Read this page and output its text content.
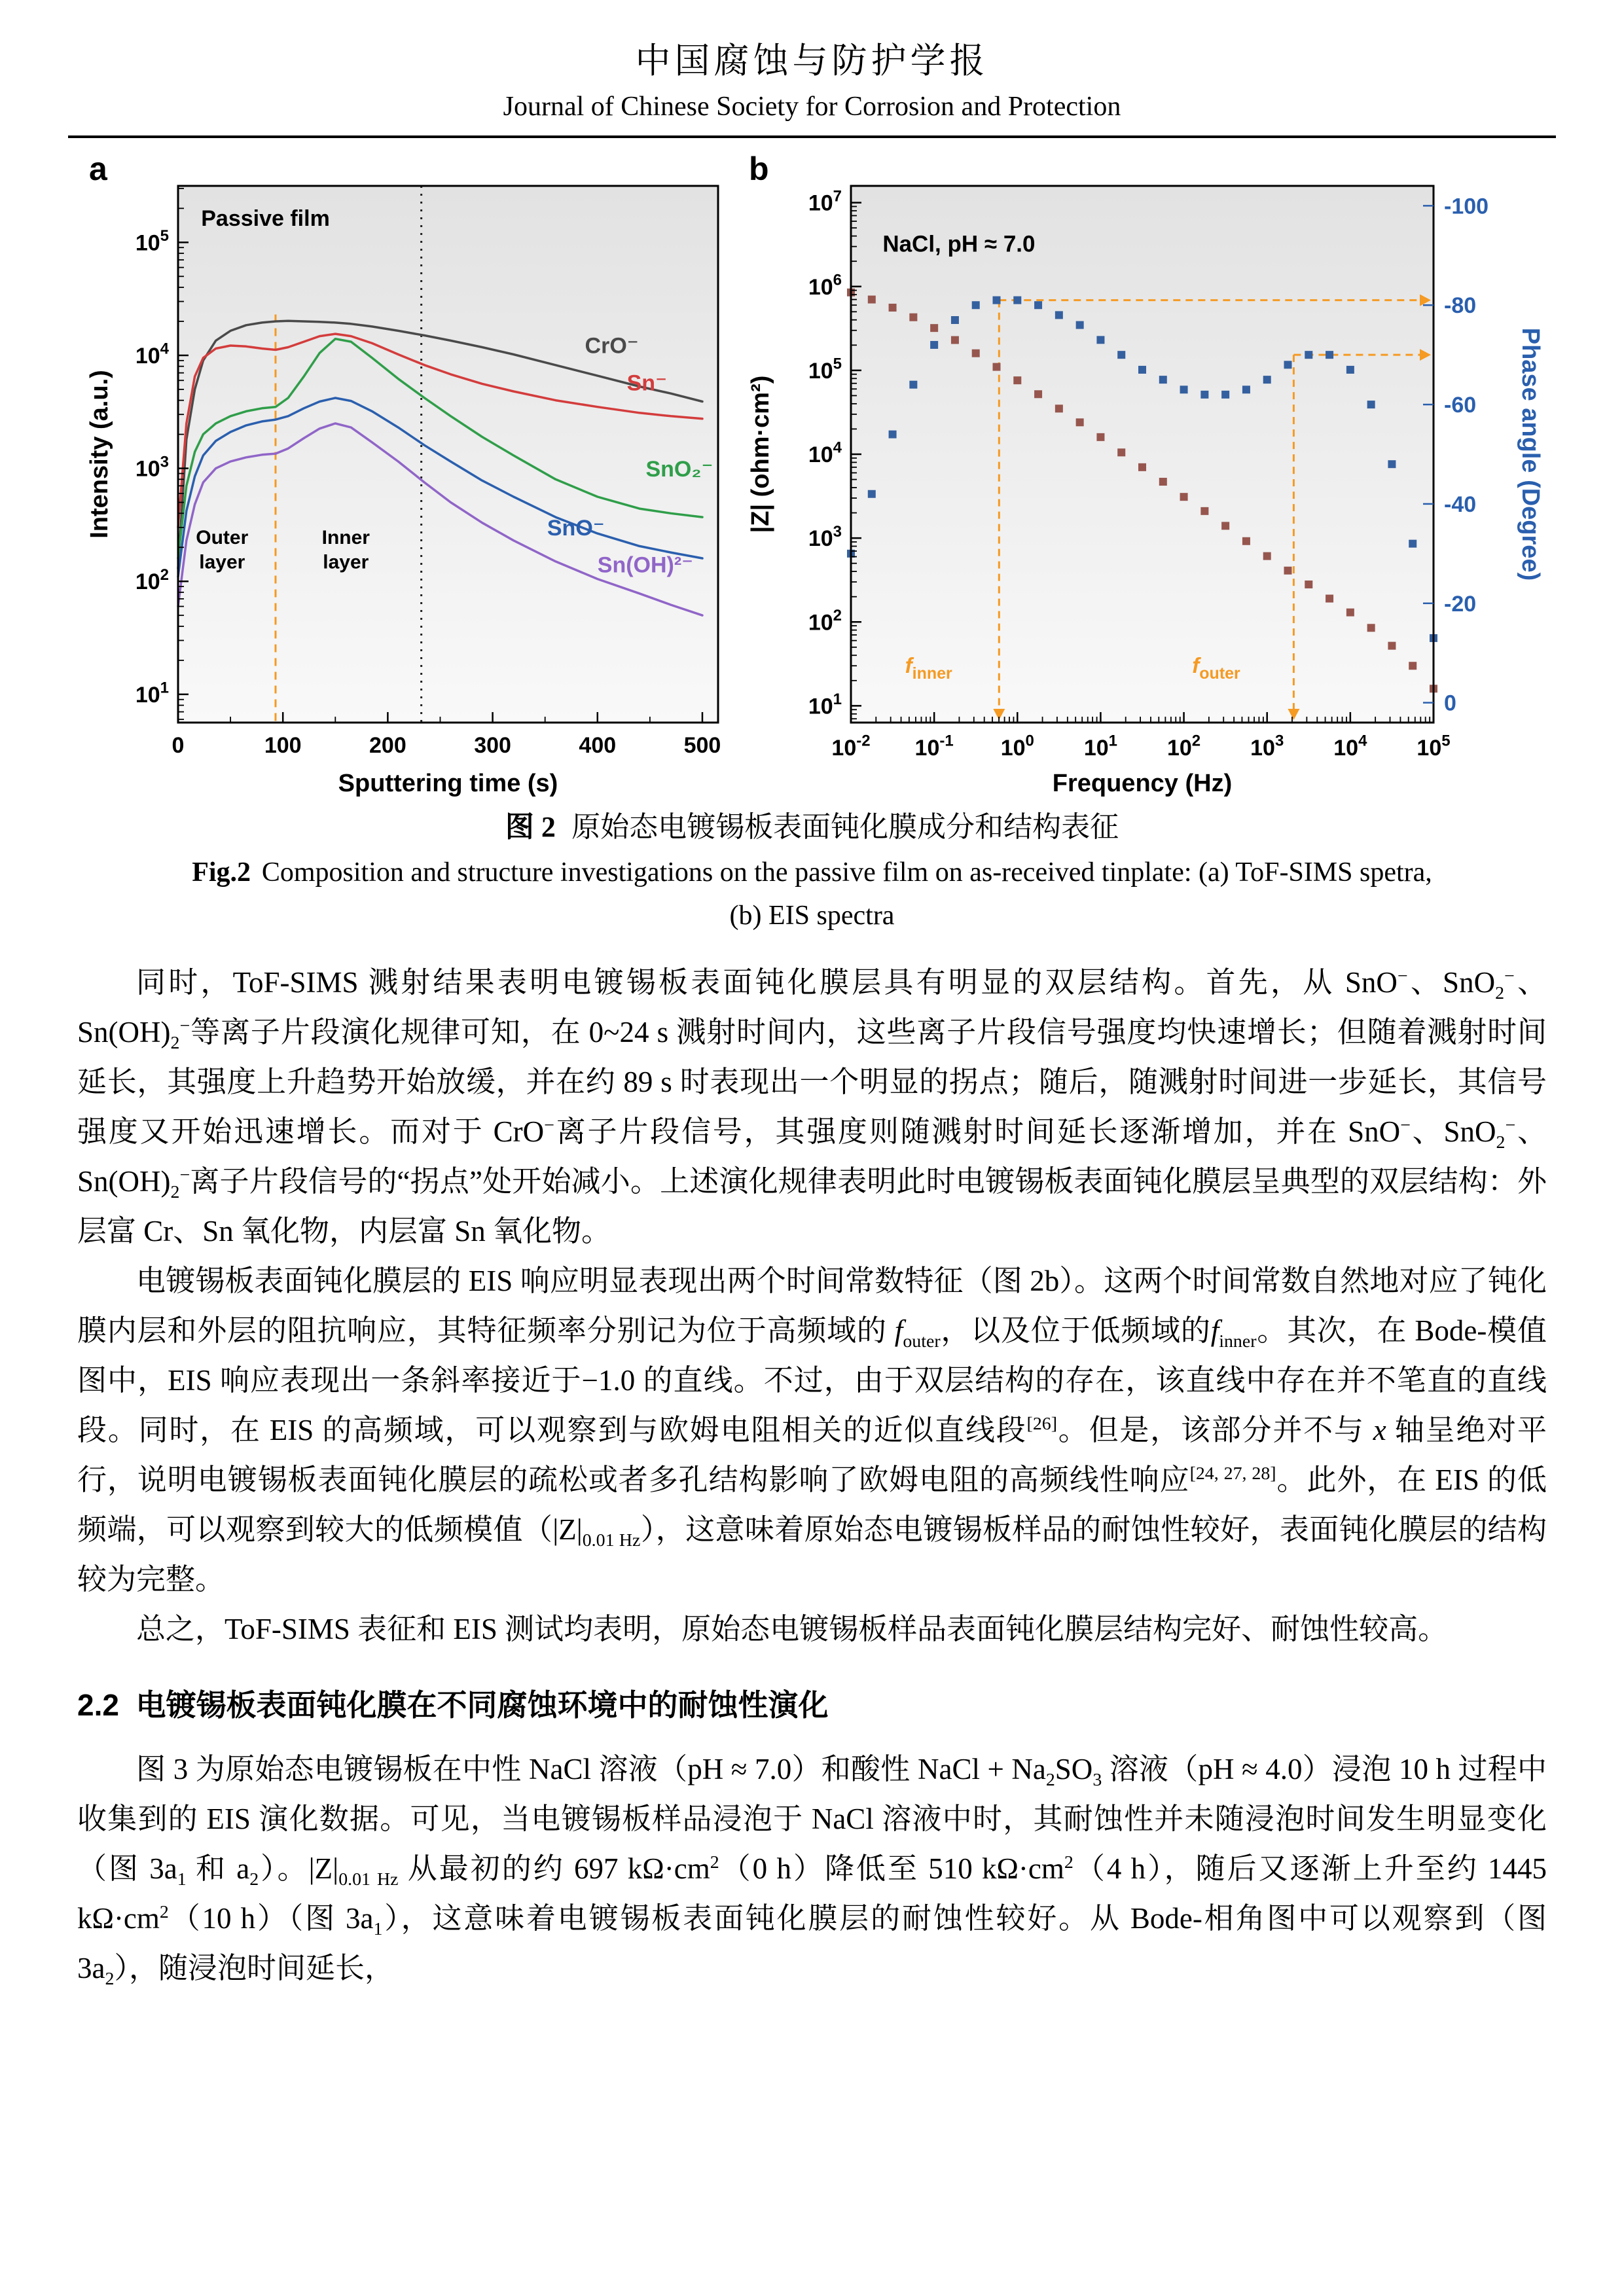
中国腐蚀与防护学报
Journal of Chinese Society for Corrosion and Protection
$10^1$
$10^2$
$10^3$
$10^4$
$10^5$
0	100	200	300	400	500
Sputtering time (s)
Intensity (a.u.)
a
Passive film
Outer
layer
Inner
layer
CrO⁻
Sn⁻
SnO₂⁻
SnO⁻
Sn(OH)²⁻
$10^1$
$10^2$
$10^3$
$10^4$
$10^5$
$10^6$
$10^7$
$10^{-2}$ $10^{-1}$ $10^0$ $10^1$ $10^2$ $10^3$ $10^4$ $10^5$
0
-20
-40
-60
-80
-100
Frequency (Hz)
|Z| (ohm·cm²)	Phase angle (Degree)
b
NaCl, pH ≈ 7.0
$f_{inner}$	$f_{outer}$
图 2 原始态电镀锡板表面钝化膜成分和结构表征
Fig.2 Composition and structure investigations on the passive film on as-received tinplate: (a) ToF-SIMS spetra,
(b) EIS spectra

同时，ToF-SIMS 溅射结果表明电镀锡板表面钝化膜层具有明显的双层结构。首先，从 SnO−、SnO$_2$−、$Sn(OH)_2^-$等离子片段演化规律可知，在 0~24 s 溅射时间内，这些离子片段信号强度均快速增长；但随着溅射时间延长，其强度上升趋势开始放缓，并在约 89 s 时表现出一个明显的拐点；随后，随溅射时间进一步延长，其信号强度又开始迅速增长。而对于 CrO−离子片段信号，其强度则随溅射时间延长逐渐增加，并在 SnO−、SnO$_2$−、$Sn(OH)_2^-$离子片段信号的“拐点”处开始减小。上述演化规律表明此时电镀锡板表面钝化膜层呈典型的双层结构：外层富 Cr、Sn 氧化物，内层富 Sn 氧化物。

电镀锡板表面钝化膜层的 EIS 响应明显表现出两个时间常数特征（图 2b）。这两个时间常数自然地对应了钝化膜内层和外层的阻抗响应，其特征频率分别记为位于高频域的 $f_{outer}$，以及位于低频域的$f_{inner}$。其次，在 Bode-模值图中，EIS 响应表现出一条斜率接近于−1.0 的直线。不过，由于双层结构的存在，该直线中存在并不笔直的直线段。同时，在 EIS 的高频域，可以观察到与欧姆电阻相关的近似直线段[26]。但是，该部分并不与 x 轴呈绝对平行，说明电镀锡板表面钝化膜层的疏松或者多孔结构影响了欧姆电阻的高频线性响应[24, 27, 28]。此外，在 EIS 的低频端，可以观察到较大的低频模值$(|Z|_{0.01 Hz})$，这意味着原始态电镀锡板样品的耐蚀性较好，表面钝化膜层的结构较为完整。

总之，ToF-SIMS 表征和 EIS 测试均表明，原始态电镀锡板样品表面钝化膜层结构完好、耐蚀性较高。

2.2  电镀锡板表面钝化膜在不同腐蚀环境中的耐蚀性演化

图 3 为原始态电镀锡板在中性 NaCl 溶液（pH ≈ 7.0）和酸性 NaCl + $Na_2SO_3$ 溶液（pH ≈ 4.0）浸泡 10 h 过程中收集到的 EIS 演化数据。可见，当电镀锡板样品浸泡于 NaCl 溶液中时，其耐蚀性并未随浸泡时间发生明显变化（图 $3a_1$ 和 $a_2$）。$|Z|_{0.01 Hz}$ 从最初的约 697 $k\Omega\cdot cm^2(0$ h）降低至 510 $k\Omega\cdot cm^2(4$ h），随后又逐渐上升至约 1445 $k\Omega\cdot cm^2(10$ h）（图 $3a_1$），这意味着电镀锡板表面钝化膜层的耐蚀性较好。从 Bode-相角图中可以观察到（图 $3a_2$），随浸泡时间延长，
